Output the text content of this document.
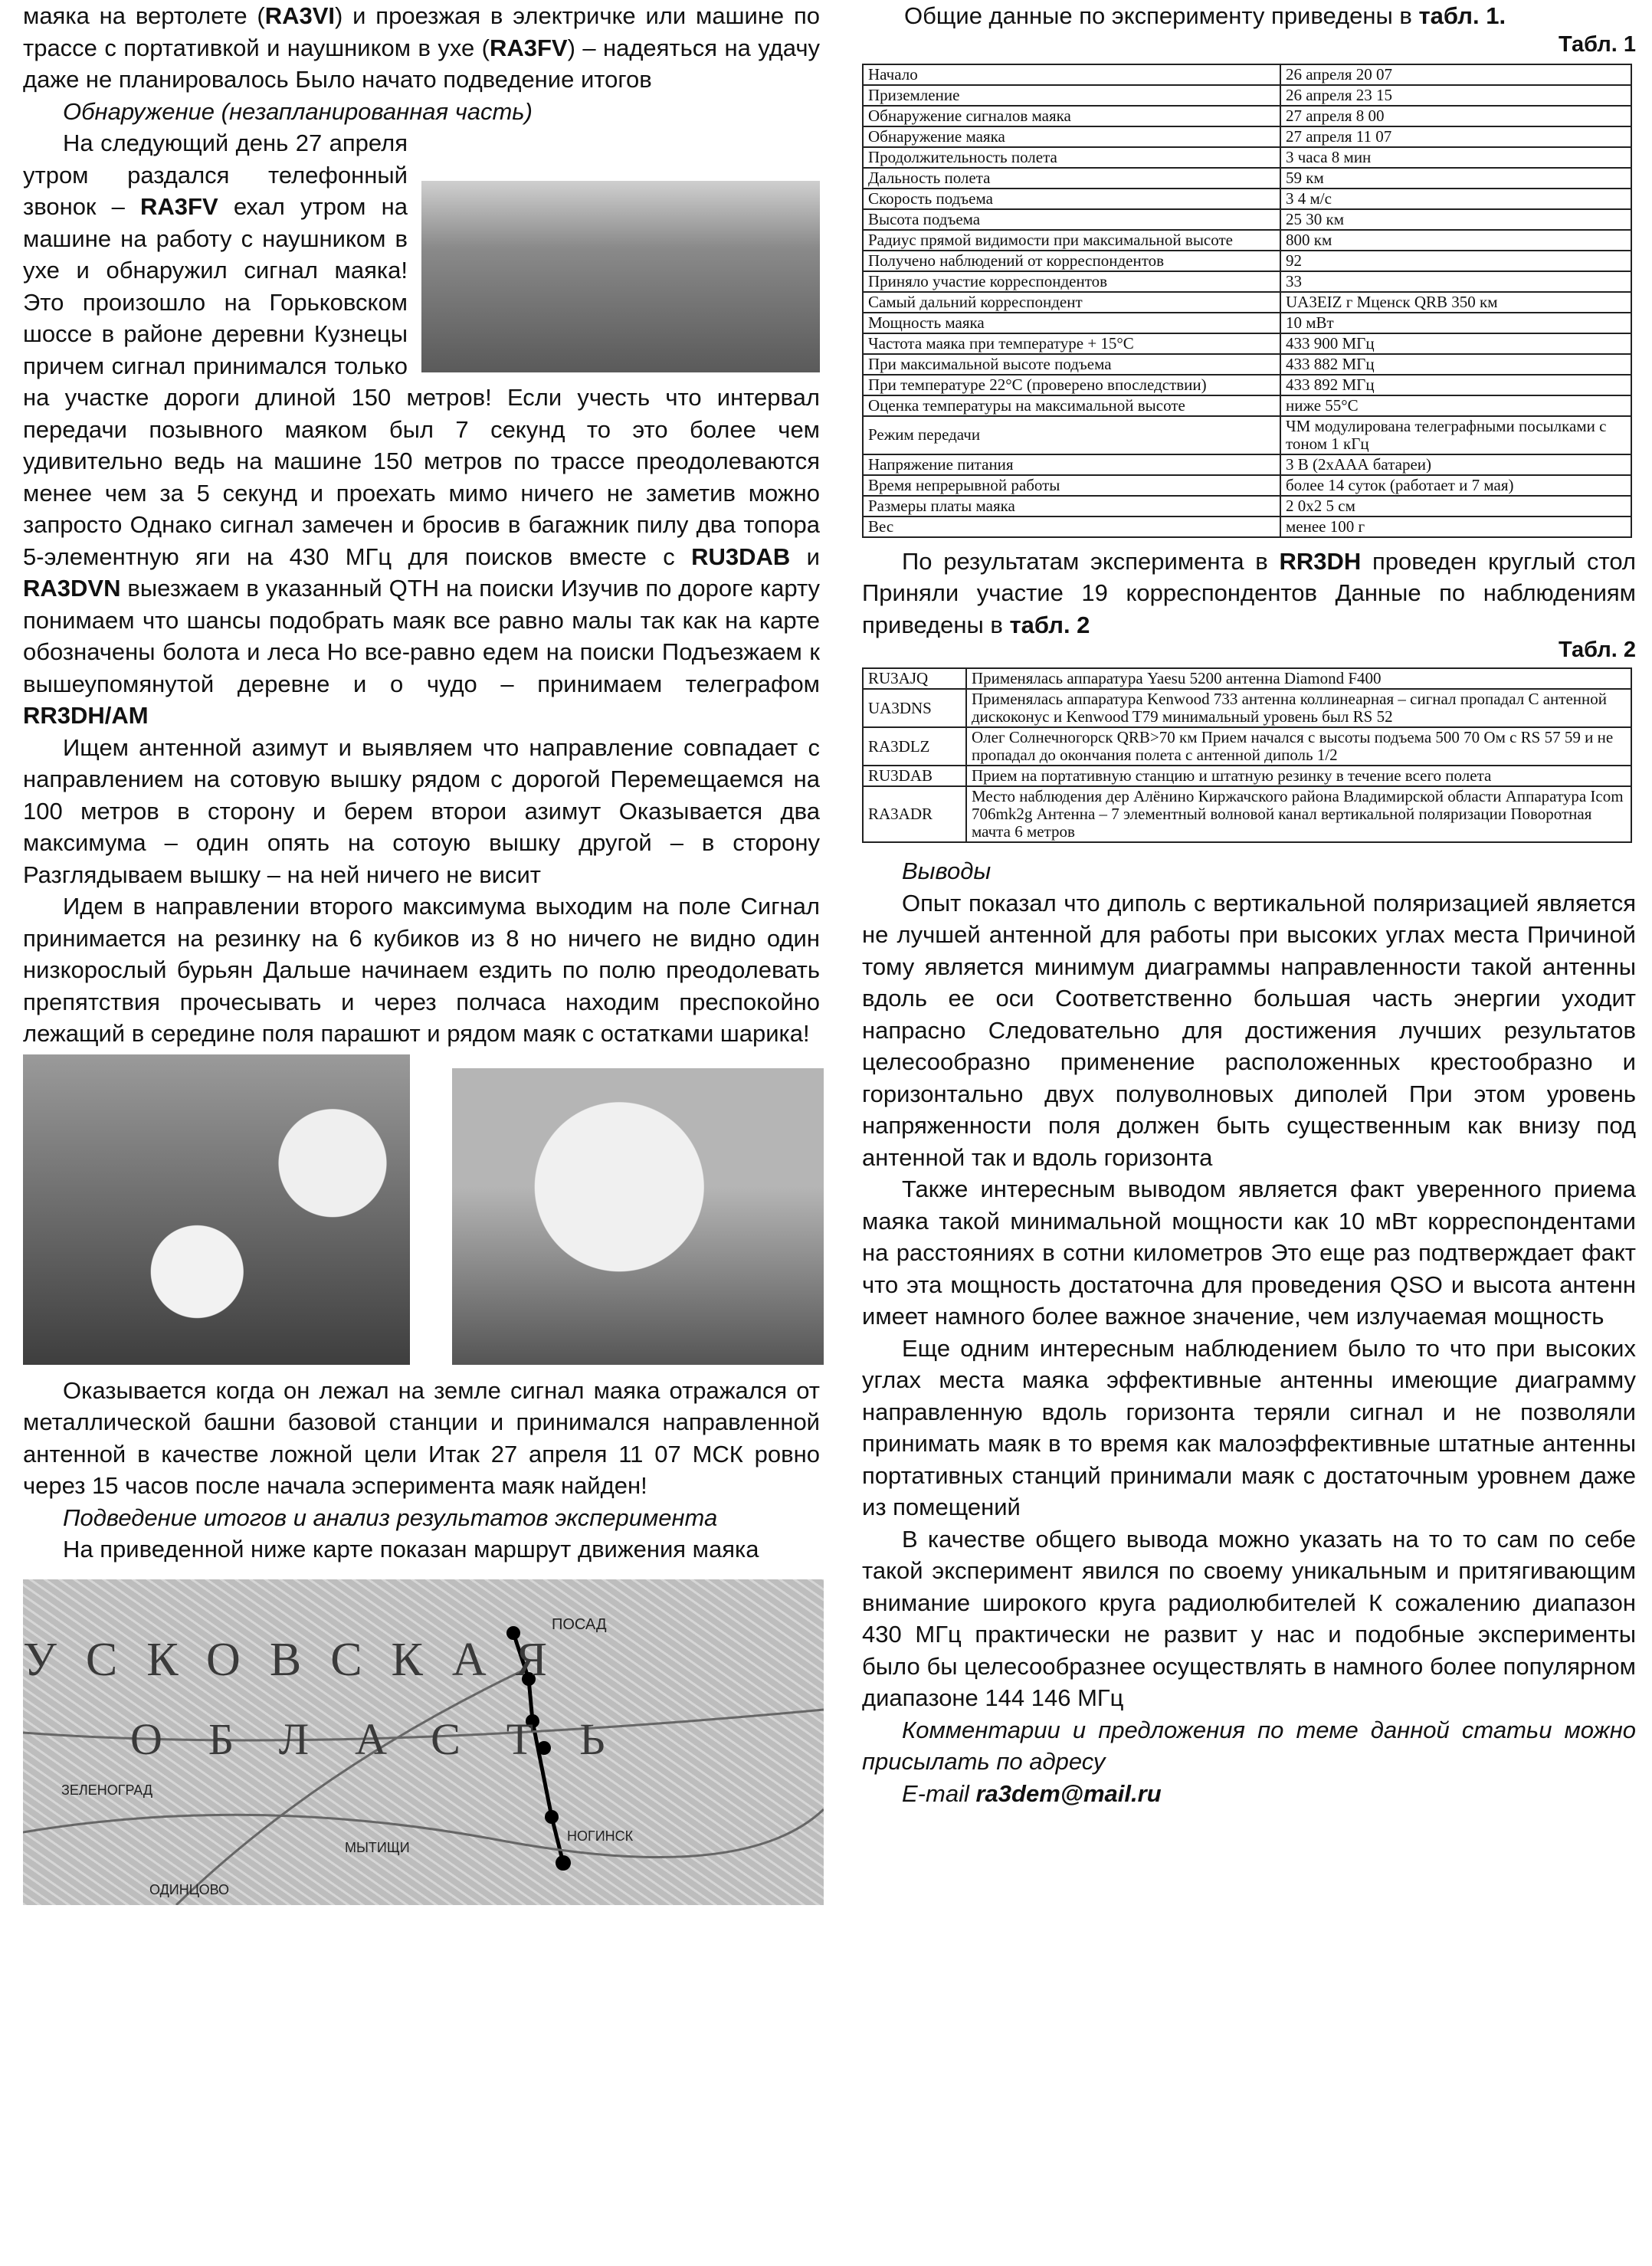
маяка на вертолете (RA3VI) и проезжая в электричке или машине по трассе с портативкой и наушником в ухе (RA3FV) – надеяться на удачу даже не планировалось Было начато подведение итогов

Обнаружение (незапланированная часть)

На следующий день 27 апреля утром раздался телефонный звонок – RA3FV ехал утром на машине на работу с наушником в ухе и обнаружил сигнал маяка! Это произошло на Горьковском шоссе в районе деревни Кузнецы причем сигнал принимался только на участке дороги длиной 150 метров! Если учесть что интервал передачи позывного маяком был 7 секунд то это более чем удивительно ведь на машине 150 метров по трассе преодолеваются менее чем за 5 секунд и проехать мимо ничего не заметив можно запросто Однако сигнал замечен и бросив в багажник пилу два топора 5-элементную яги на 430 МГц для поисков вместе с RU3DAB и RA3DVN выезжаем в указанный QTH на поиски Изучив по дороге карту понимаем что шансы подобрать маяк все равно малы так как на карте обозначены болота и леса Но все-равно едем на поиски Подъезжаем к вышеупомянутой деревне и о чудо – принимаем телеграфом RR3DH/AM

Ищем антенной азимут и выявляем что направление совпадает с направлением на сотовую вышку рядом с дорогой Перемещаемся на 100 метров в сторону и берем второи азимут Оказывается два максимума – один опять на сотоую вышку другой – в сторону Разглядываем вышку – на ней ничего не висит

Идем в направлении второго максимума выходим на поле Сигнал принимается на резинку на 6 кубиков из 8 но ничего не видно один низкорослый бурьян Дальше начинаем ездить по полю преодолевать препятствия прочесывать и через полчаса находим преспокойно лежащий в середине поля парашют и рядом маяк с остатками шарика!

Оказывается когда он лежал на земле сигнал маяка отражался от металлической башни базовой станции и принимался направленной антенной в качестве ложной цели Итак 27 апреля 11 07 МСК ровно через 15 часов после начала эсперимента маяк найден!

Подведение итогов и анализ результатов эксперимента

На приведенной ниже карте показан маршрут движения маяка

УСКОВСКАЯ
ОБЛАСТЬ
ПОСАД
ЗЕЛЕНОГРАД
МЫТИЩИ
НОГИНСК
ОДИНЦОВО

Общие данные по эксперименту приведены в табл. 1.

Табл. 1
Начало	26 апреля 20 07
Приземление	26 апреля 23 15
Обнаружение сигналов маяка	27 апреля 8 00
Обнаружение маяка	27 апреля 11 07
Продолжительность полета	3 часа 8 мин
Дальность полета	59 км
Скорость подъема	3 4 м/с
Высота подъема	25 30 км
Радиус прямой видимости при максимальной высоте	800 км
Получено наблюдений от корреспондентов	92
Приняло участие корреспондентов	33
Самый дальний корреспондент	UA3EIZ г Мценск QRB 350 км
Мощность маяка	10 мВт
Частота маяка при температуре + 15°С	433 900 МГц
При максимальной высоте подъема	433 882 МГц
При температуре 22°С (проверено впоследствии)	433 892 МГц
Оценка температуры на максимальной высоте	ниже 55°С
Режим передачи	ЧМ модулирована телеграфными посылками с тоном 1 кГц
Напряжение питания	3 В (2хААА батареи)
Время непрерывной работы	более 14 суток (работает и 7 мая)
Размеры платы маяка	2 0х2 5 см
Вес	менее 100 г

По результатам эксперимента в RR3DH проведен круглый стол Приняли участие 19 корреспондентов Данные по наблюдениям приведены в табл. 2

Табл. 2
RU3AJQ	Применялась аппаратура Yaesu 5200 антенна Diamond F400
UA3DNS	Применялась аппаратура Kenwood 733 антенна коллинеарная – сигнал пропадал С антенной дискоконус и Kenwood T79 минимальный уровень был RS 52
RA3DLZ	Олег Солнечногорск QRB>70 км Прием начался с высоты подъема 500 70 Ом с RS 57 59 и не пропадал до окончания полета с антенной диполь 1/2
RU3DAB	Прием на портативную станцию и штатную резинку в течение всего полета
RA3ADR	Место наблюдения дер Алёнино Киржачского района Владимирской области Аппаратура Icom 706mk2g Антенна – 7 элементный волновой канал вертикальной поляризации Поворотная мачта 6 метров

Выводы

Опыт показал что диполь с вертикальной поляризацией является не лучшей антенной для работы при высоких углах места Причиной тому является минимум диаграммы направленности такой антенны вдоль ее оси Соответственно большая часть энергии уходит напрасно Следовательно для достижения лучших результатов целесообразно применение расположенных крестообразно и горизонтально двух полуволновых диполей При этом уровень напряженности поля должен быть существенным как внизу под антенной так и вдоль горизонта

Также интересным выводом является факт уверенного приема маяка такой минимальной мощности как 10 мВт корреспондентами на расстояниях в сотни километров Это еще раз подтверждает факт что эта мощность достаточна для проведения QSO и высота антенн имеет намного более важное значение, чем излучаемая мощность

Еще одним интересным наблюдением было то что при высоких углах места маяка эффективные антенны имеющие диаграмму направленную вдоль горизонта теряли сигнал и не позволяли принимать маяк в то время как малоэффективные штатные антенны портативных станций принимали маяк с достаточным уровнем даже из помещений

В качестве общего вывода можно указать на то то сам по себе такой эксперимент явился по своему уникальным и притягивающим внимание широкого круга радиолюбителей К сожалению диапазон 430 МГц практически не развит у нас и подобные эксперименты было бы целесообразнее осуществлять в намного более популярном диапазоне 144 146 МГц

Комментарии и предложения по теме данной статьи можно присылать по адресу

E-mail ra3dem@mail.ru
